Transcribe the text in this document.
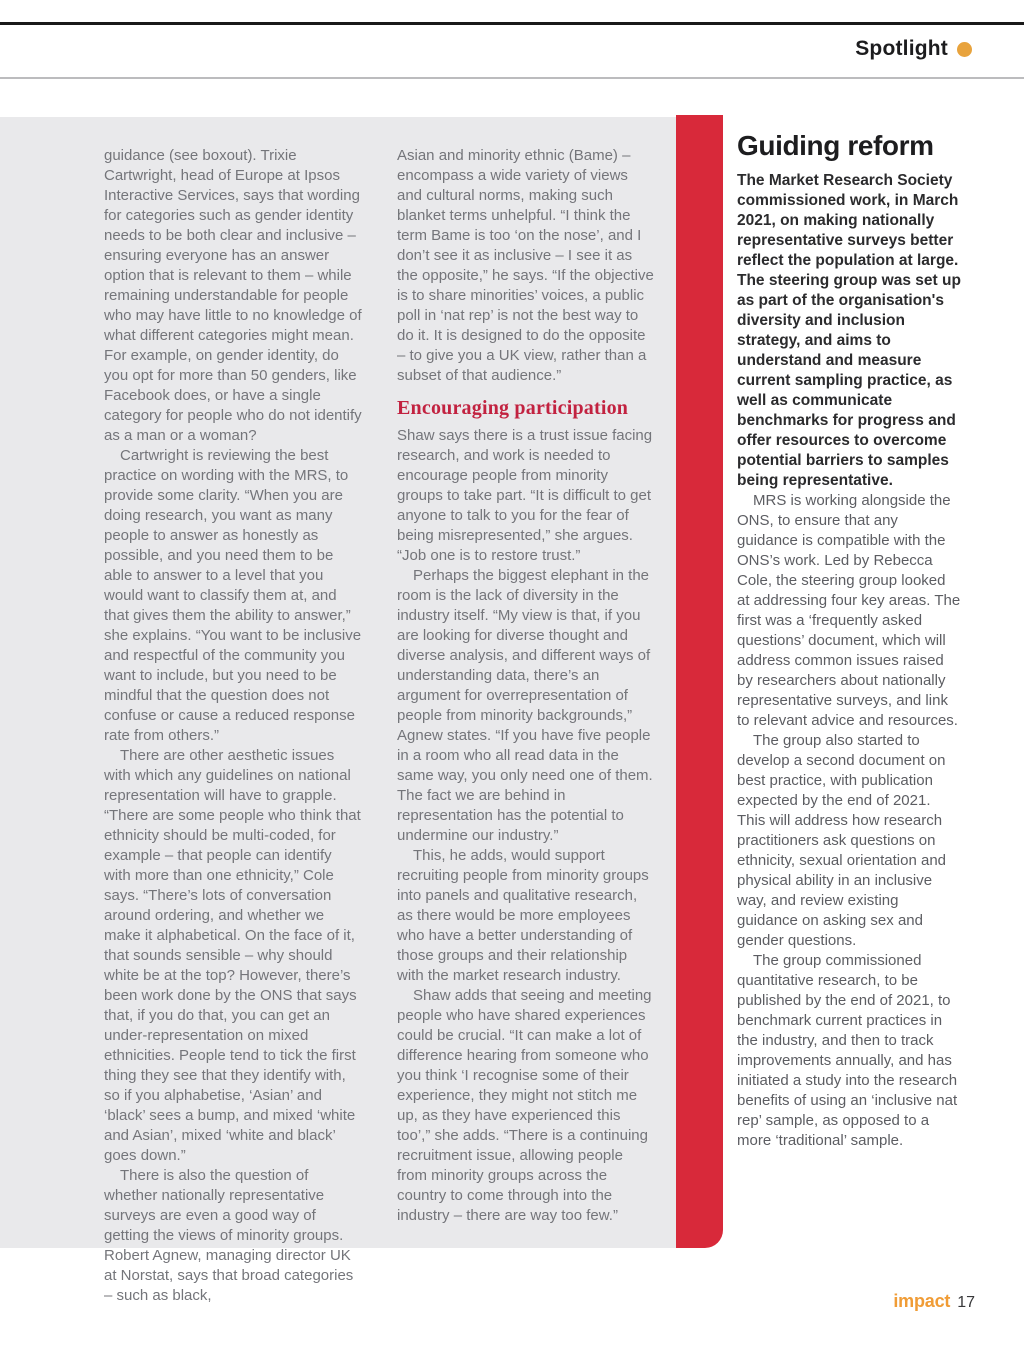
Spotlight

guidance (see boxout). Trixie Cartwright, head of Europe at Ipsos Interactive Services, says that wording for categories such as gender identity needs to be both clear and inclusive – ensuring everyone has an answer option that is relevant to them – while remaining understandable for people who may have little to no knowledge of what different categories might mean. For example, on gender identity, do you opt for more than 50 genders, like Facebook does, or have a single category for people who do not identify as a man or a woman?

Cartwright is reviewing the best practice on wording with the MRS, to provide some clarity. “When you are doing research, you want as many people to answer as honestly as possible, and you need them to be able to answer to a level that you would want to classify them at, and that gives them the ability to answer,” she explains. “You want to be inclusive and respectful of the community you want to include, but you need to be mindful that the question does not confuse or cause a reduced response rate from others.”

There are other aesthetic issues with which any guidelines on national representation will have to grapple. “There are some people who think that ethnicity should be multi-coded, for example – that people can identify with more than one ethnicity,” Cole says. “There’s lots of conversation around ordering, and whether we make it alphabetical. On the face of it, that sounds sensible – why should white be at the top? However, there’s been work done by the ONS that says that, if you do that, you can get an under-representation on mixed ethnicities. People tend to tick the first thing they see that they identify with, so if you alphabetise, ‘Asian’ and ‘black’ sees a bump, and mixed ‘white and Asian’, mixed ‘white and black’ goes down.”

There is also the question of whether nationally representative surveys are even a good way of getting the views of minority groups. Robert Agnew, managing director UK at Norstat, says that broad categories – such as black,

Asian and minority ethnic (Bame) – encompass a wide variety of views and cultural norms, making such blanket terms unhelpful. “I think the term Bame is too ‘on the nose’, and I don’t see it as inclusive – I see it as the opposite,” he says. “If the objective is to share minorities’ voices, a public poll in ‘nat rep’ is not the best way to do it. It is designed to do the opposite – to give you a UK view, rather than a subset of that audience.”

Encouraging participation

Shaw says there is a trust issue facing research, and work is needed to encourage people from minority groups to take part. “It is difficult to get anyone to talk to you for the fear of being misrepresented,” she argues. “Job one is to restore trust.”

Perhaps the biggest elephant in the room is the lack of diversity in the industry itself. “My view is that, if you are looking for diverse thought and diverse analysis, and different ways of understanding data, there’s an argument for overrepresentation of people from minority backgrounds,” Agnew states. “If you have five people in a room who all read data in the same way, you only need one of them. The fact we are behind in representation has the potential to undermine our industry.”

This, he adds, would support recruiting people from minority groups into panels and qualitative research, as there would be more employees who have a better understanding of those groups and their relationship with the market research industry.

Shaw adds that seeing and meeting people who have shared experiences could be crucial. “It can make a lot of difference hearing from someone who you think ‘I recognise some of their experience, they might not stitch me up, as they have experienced this too’,” she adds. “There is a continuing recruitment issue, allowing people from minority groups across the country to come through into the industry – there are way too few.”

Guiding reform

The Market Research Society commissioned work, in March 2021, on making nationally representative surveys better reflect the population at large. The steering group was set up as part of the organisation's diversity and inclusion strategy, and aims to understand and measure current sampling practice, as well as communicate benchmarks for progress and offer resources to overcome potential barriers to samples being representative.

MRS is working alongside the ONS, to ensure that any guidance is compatible with the ONS’s work. Led by Rebecca Cole, the steering group looked at addressing four key areas. The first was a ‘frequently asked questions’ document, which will address common issues raised by researchers about nationally representative surveys, and link to relevant advice and resources.

The group also started to develop a second document on best practice, with publication expected by the end of 2021. This will address how research practitioners ask questions on ethnicity, sexual orientation and physical ability in an inclusive way, and review existing guidance on asking sex and gender questions.

The group commissioned quantitative research, to be published by the end of 2021, to benchmark current practices in the industry, and then to track improvements annually, and has initiated a study into the research benefits of using an ‘inclusive nat rep’ sample, as opposed to a more ‘traditional’ sample.

impact 17
